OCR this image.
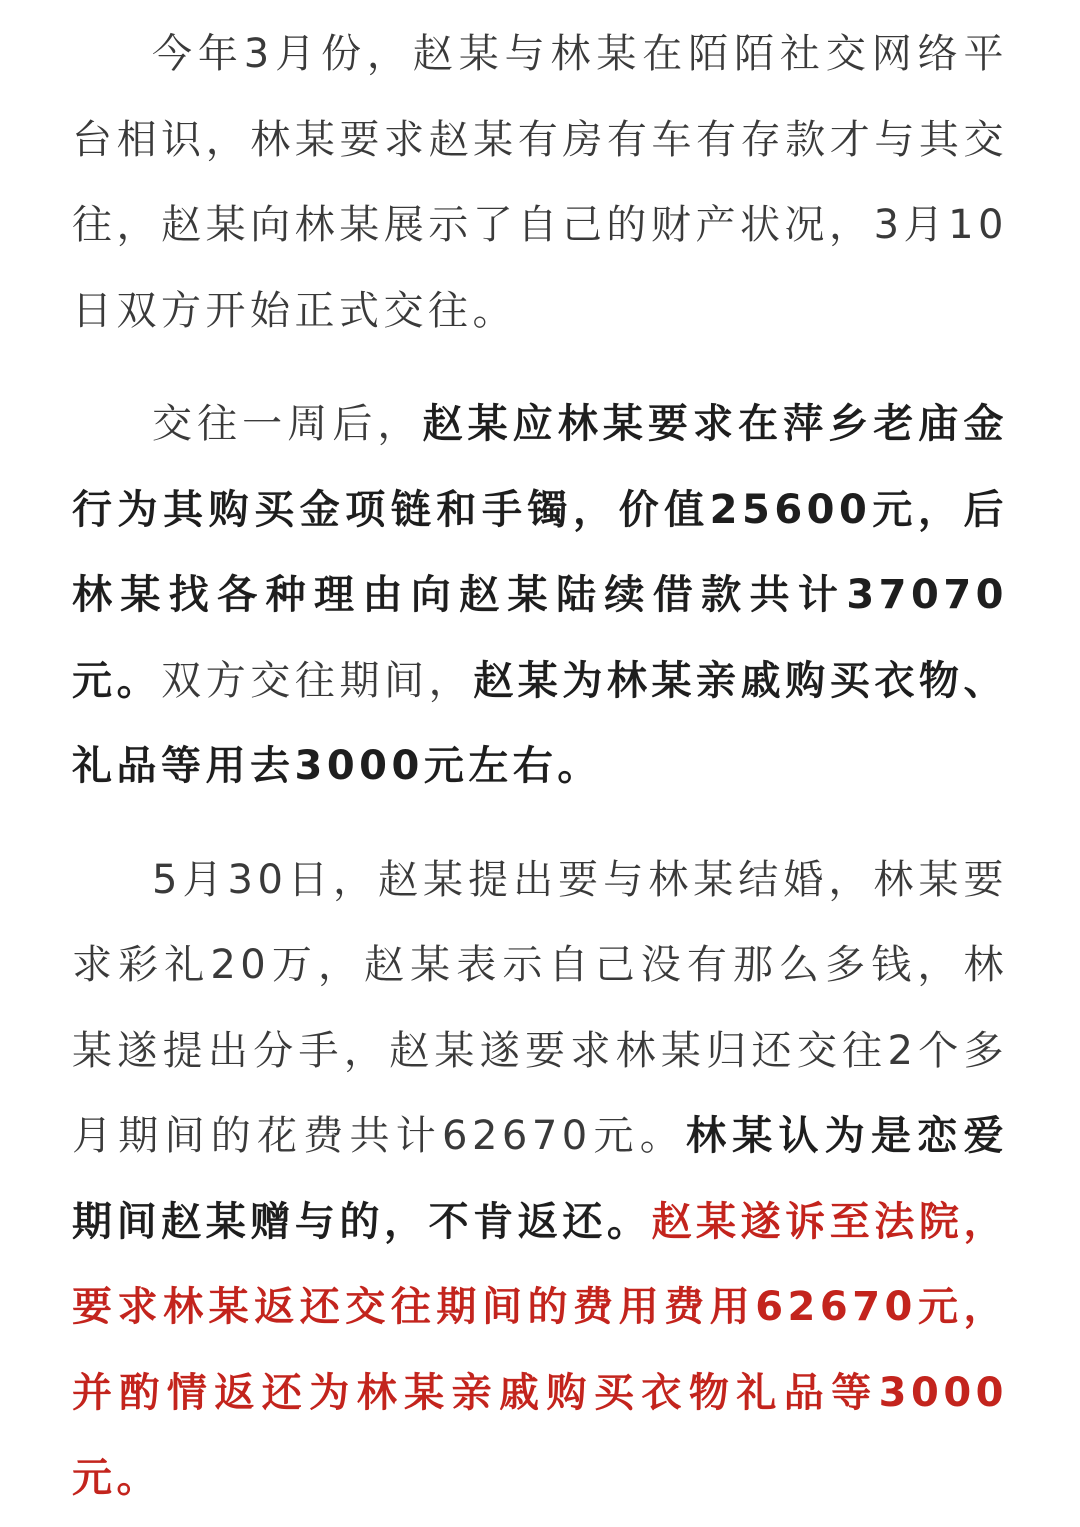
今年3月份，赵某与林某在陌陌社交网络平台相识，林某要求赵某有房有车有存款才与其交往，赵某向林某展示了自己的财产状况，3月10日双方开始正式交往。

交往一周后，赵某应林某要求在萍乡老庙金行为其购买金项链和手镯，价值25600元，后林某找各种理由向赵某陆续借款共计37070元。双方交往期间，赵某为林某亲戚购买衣物、礼品等用去3000元左右。

5月30日，赵某提出要与林某结婚，林某要求彩礼20万，赵某表示自己没有那么多钱，林某遂提出分手，赵某遂要求林某归还交往2个多月期间的花费共计62670元。林某认为是恋爱期间赵某赠与的，不肯返还。赵某遂诉至法院，要求林某返还交往期间的费用费用62670元，并酌情返还为林某亲戚购买衣物礼品等3000元。
